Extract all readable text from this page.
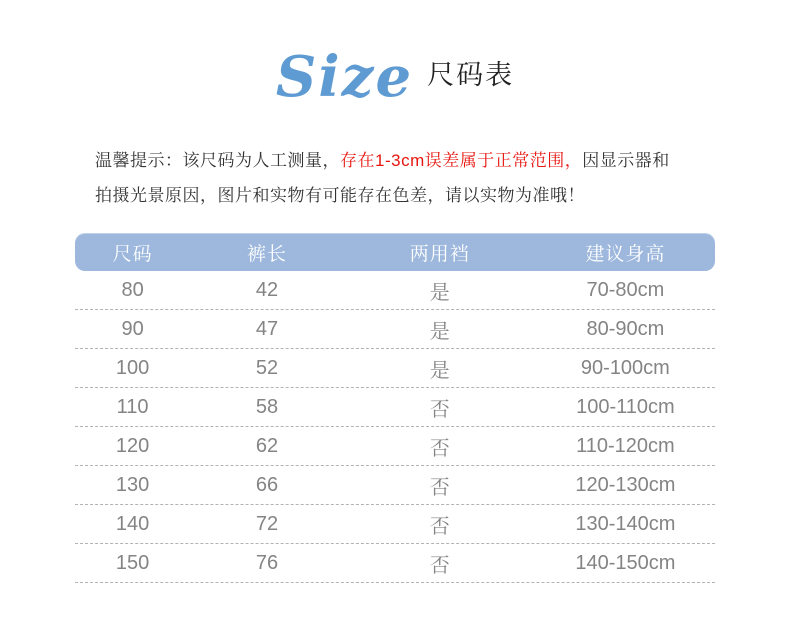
Size 尺码表

温馨提示：该尺码为人工测量，存在1-3cm误差属于正常范围，因显示器和
拍摄光景原因，图片和实物有可能存在色差，请以实物为准哦！

尺码	裤长	两用裆	建议身高
80	42	是	70-80cm
90	47	是	80-90cm
100	52	是	90-100cm
110	58	否	100-110cm
120	62	否	110-120cm
130	66	否	120-130cm
140	72	否	130-140cm
150	76	否	140-150cm
